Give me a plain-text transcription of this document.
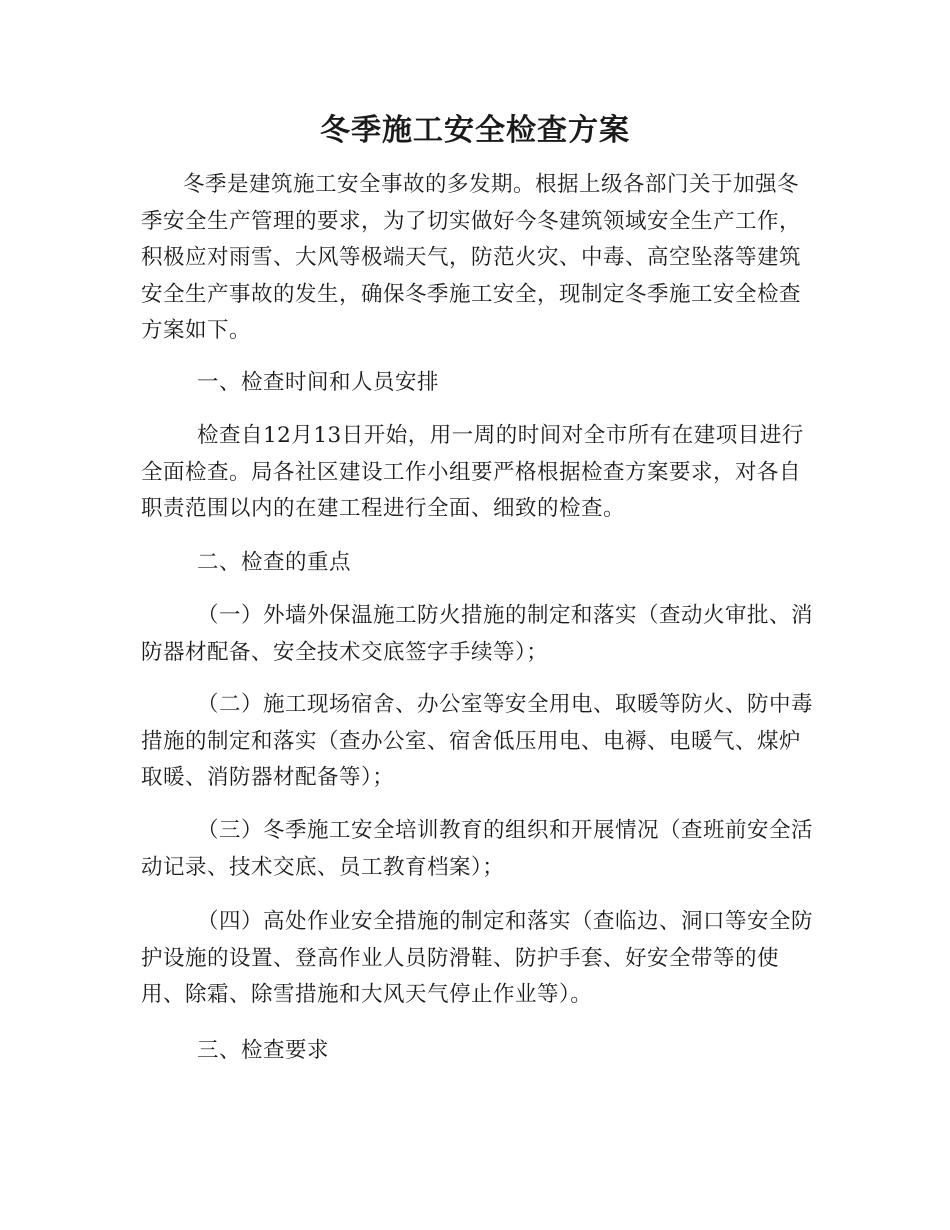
冬季施工安全检查方案
冬季是建筑施工安全事故的多发期。根据上级各部门关于加强冬
季安全生产管理的要求，为了切实做好今冬建筑领域安全生产工作，
积极应对雨雪、大风等极端天气，防范火灾、中毒、高空坠落等建筑
安全生产事故的发生，确保冬季施工安全，现制定冬季施工安全检查
方案如下。
一、检查时间和人员安排
检查自12月13日开始，用一周的时间对全市所有在建项目进行
全面检查。局各社区建设工作小组要严格根据检查方案要求，对各自
职责范围以内的在建工程进行全面、细致的检查。
二、检查的重点
（一）外墙外保温施工防火措施的制定和落实（查动火审批、消
防器材配备、安全技术交底签字手续等）；
（二）施工现场宿舍、办公室等安全用电、取暖等防火、防中毒
措施的制定和落实（查办公室、宿舍低压用电、电褥、电暖气、煤炉
取暖、消防器材配备等）；
（三）冬季施工安全培训教育的组织和开展情况（查班前安全活
动记录、技术交底、员工教育档案）；
（四）高处作业安全措施的制定和落实（查临边、洞口等安全防
护设施的设置、登高作业人员防滑鞋、防护手套、好安全带等的使
用、除霜、除雪措施和大风天气停止作业等）。
三、检查要求
